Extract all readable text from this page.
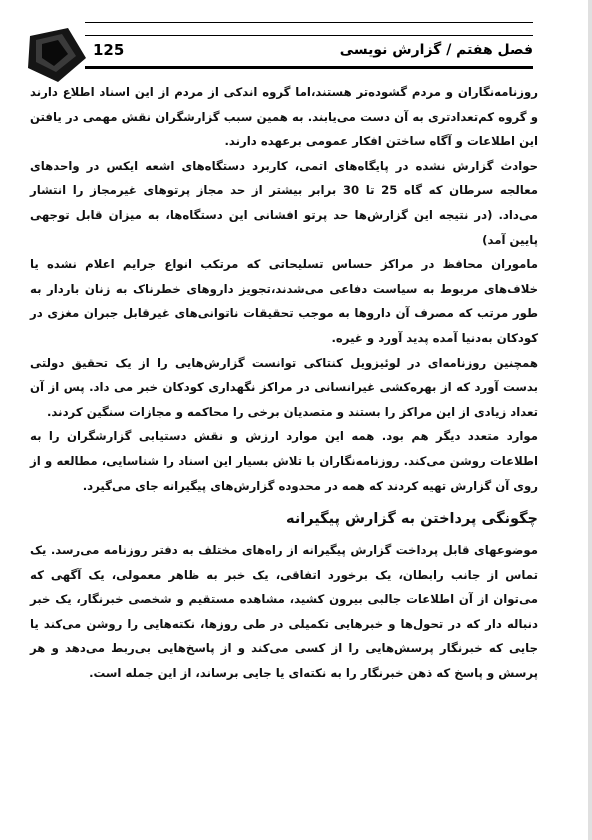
125	فصل هفتم / گزارش نویسی

روزنامه‌نگاران و مردم گشوده‌تر هستند،اما گروه اندکی از مردم از این اسناد اطلاع دارند و گروه کم‌تعدادتری به آن دست می‌یابند. به همین سبب گزارشگران نقش مهمی در یافتن این اطلاعات و آگاه ساختن افکار عمومی برعهده دارند.

حوادث گزارش نشده در پایگاه‌های اتمی، کاربرد دستگاه‌های اشعه ایکس در واحدهای معالجه سرطان که گاه 25 تا 30 برابر بیشتر از حد مجاز پرتوهای غیرمجاز را انتشار می‌داد. (در نتیجه این گزارش‌ها حد پرتو افشانی این دستگاه‌ها، به میزان قابل توجهی پایین آمد)

ماموران محافظ در مراکز حساس تسلیحاتی که مرتکب انواع جرایم اعلام نشده یا خلاف‌های مربوط به سیاست دفاعی می‌شدند،تجویز داروهای خطرناک به زنان باردار به طور مرتب که مصرف آن داروها به موجب تحقیقات ناتوانی‌های غیرقابل جبران مغزی در کودکان به‌دنیا آمده پدید آورد و غیره.

همچنین روزنامه‌ای در لوئیزویل کنتاکی توانست گزارش‌هایی را از یک تحقیق دولتی بدست آورد که از بهره‌کشی غیرانسانی در مراکز نگهداری کودکان خبر می داد. پس از آن تعداد زیادی از این مراکز را بستند و متصدیان برخی را محاکمه و مجازات سنگین کردند.

موارد متعدد دیگر هم بود. همه این موارد ارزش و نقش دستیابی گزارشگران را به اطلاعات روشن می‌کند. روزنامه‌نگاران با تلاش بسیار این اسناد را شناسایی، مطالعه و از روی آن گزارش تهیه کردند که همه در محدوده گزارش‌های پیگیرانه جای می‌گیرد.

چگونگی پرداختن به گزارش پیگیرانه

موضوعهای قابل پرداخت گزارش پیگیرانه از راه‌های مختلف به دفتر روزنامه می‌رسد. یک تماس از جانب رابطان، یک برخورد اتفاقی، یک خبر به ظاهر معمولی، یک آگهی که می‌توان از آن اطلاعات جالبی بیرون کشید، مشاهده مستقیم و شخصی خبرنگار، یک خبر دنباله دار که در تحول‌ها و خبرهایی تکمیلی در طی روزها، نکته‌هایی را روشن می‌کند یا جایی که خبرنگار پرسش‌هایی را از کسی می‌کند و از پاسخ‌هایی بی‌ربط می‌دهد و هر پرسش و پاسخ که ذهن خبرنگار را به نکته‌ای یا جایی برساند، از این جمله است.
